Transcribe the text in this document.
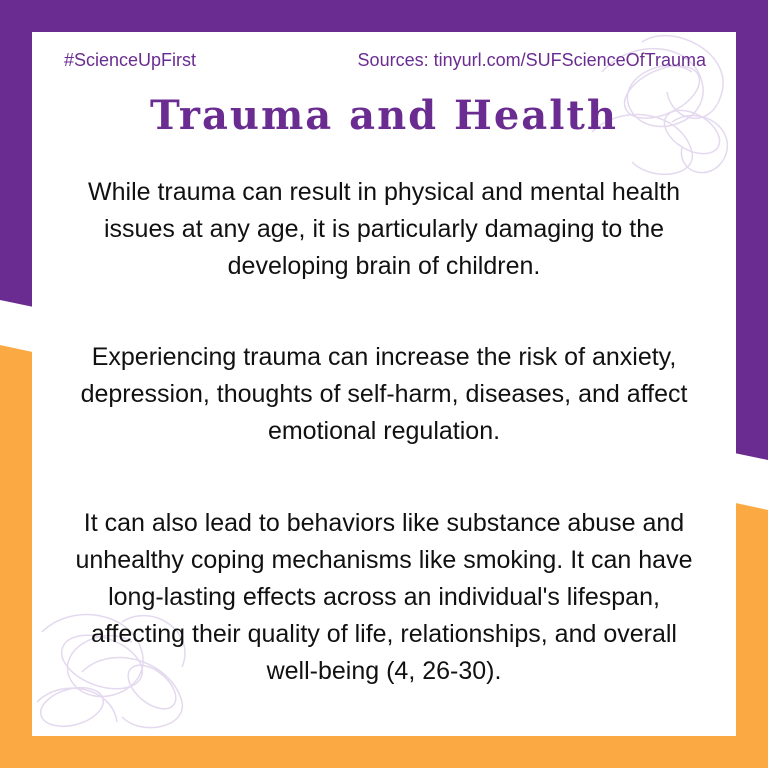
#ScienceUpFirst	Sources: tinyurl.com/SUFScienceOfTrauma
Trauma and Health
While trauma can result in physical and mental health issues at any age, it is particularly damaging to the developing brain of children.
Experiencing trauma can increase the risk of anxiety, depression, thoughts of self-harm, diseases, and affect emotional regulation.
It can also lead to behaviors like substance abuse and unhealthy coping mechanisms like smoking. It can have long-lasting effects across an individual's lifespan, affecting their quality of life, relationships, and overall well-being (4, 26-30).
